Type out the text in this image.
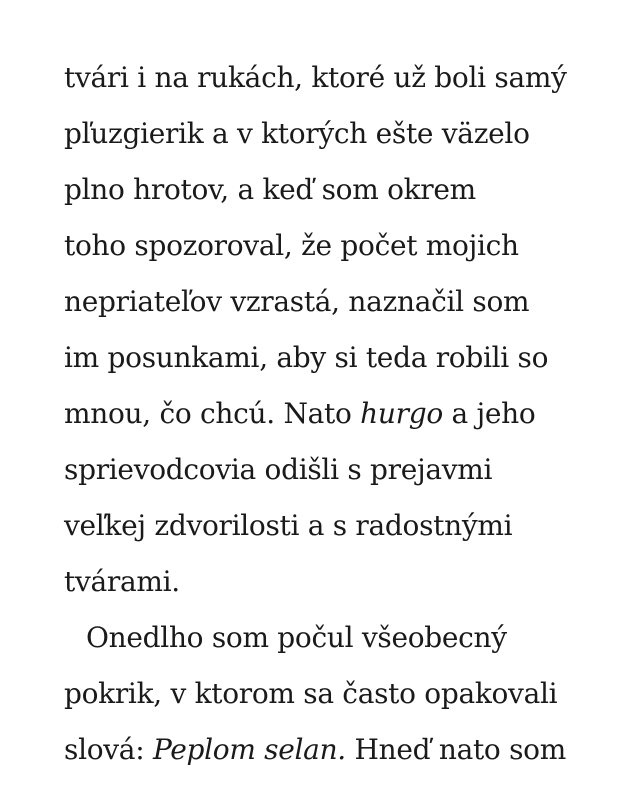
tvári i na rukách, ktoré už boli samý
pľuzgierik a v ktorých ešte väzelo
plno hrotov, a keď som okrem
toho spozoroval, že počet mojich
nepriateľov vzrastá, naznačil som
im posunkami, aby si teda robili so
mnou, čo chcú. Nato hurgo a jeho
sprievodcovia odišli s prejavmi
veľkej zdvorilosti a s radostnými
tvárami.
Onedlho som počul všeobecný
pokrik, v ktorom sa často opakovali
slová: Peplom selan. Hneď nato som
